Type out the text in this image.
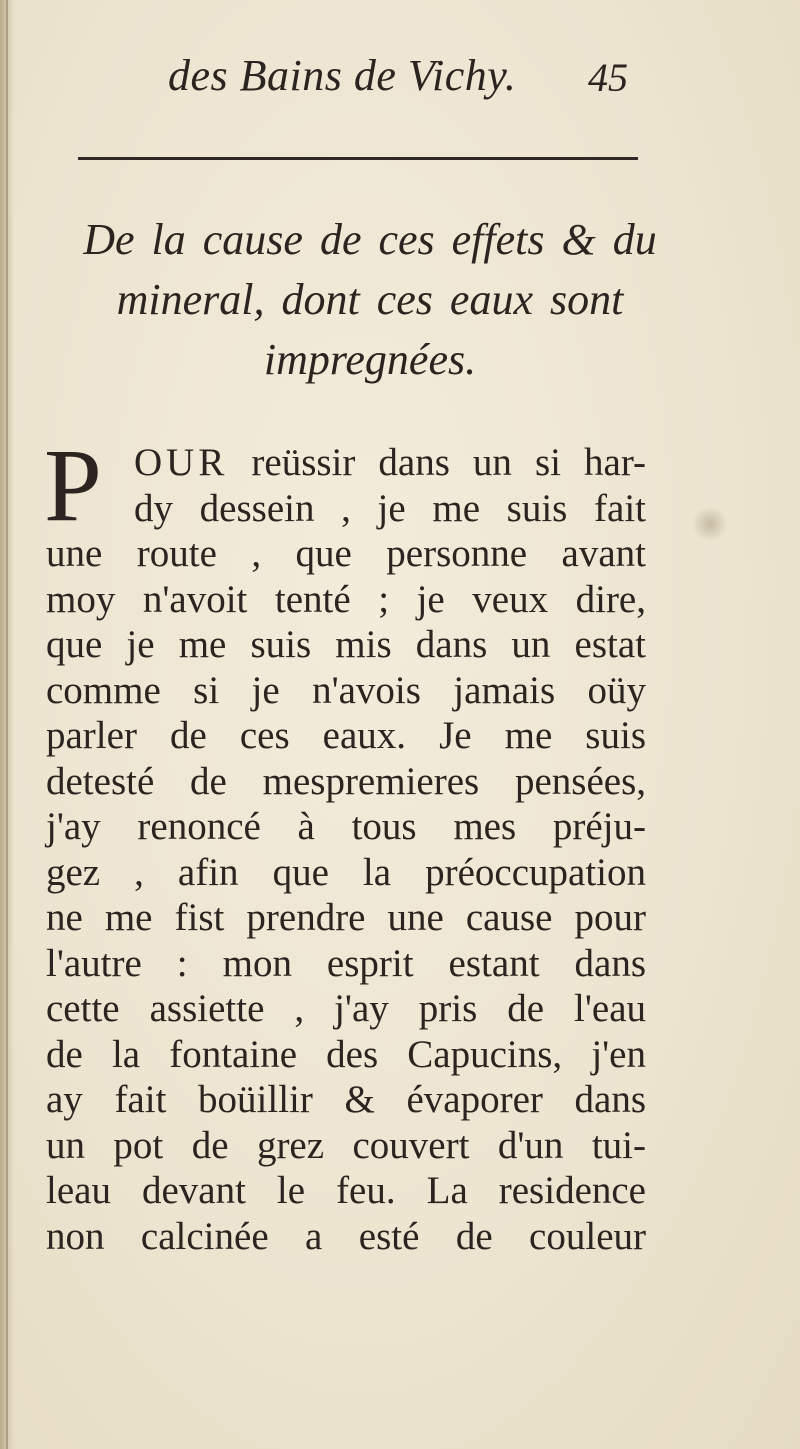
des Bains de Vichy. 45
De la cause de ces effets & du
mineral, dont ces eaux sont
impregnées.
P OUR reüssir dans un si har-
dy dessein , je me suis fait
une route , que personne avant
moy n'avoit tenté ; je veux dire,
que je me suis mis dans un estat
comme si je n'avois jamais oüy
parler de ces eaux. Je me suis
detesté de mespremieres pensées,
j'ay renoncé à tous mes préju-
gez , afin que la préoccupation
ne me fist prendre une cause pour
l'autre : mon esprit estant dans
cette assiette , j'ay pris de l'eau
de la fontaine des Capucins, j'en
ay fait boüillir & évaporer dans
un pot de grez couvert d'un tui-
leau devant le feu. La residence
non calcinée a esté de couleur
